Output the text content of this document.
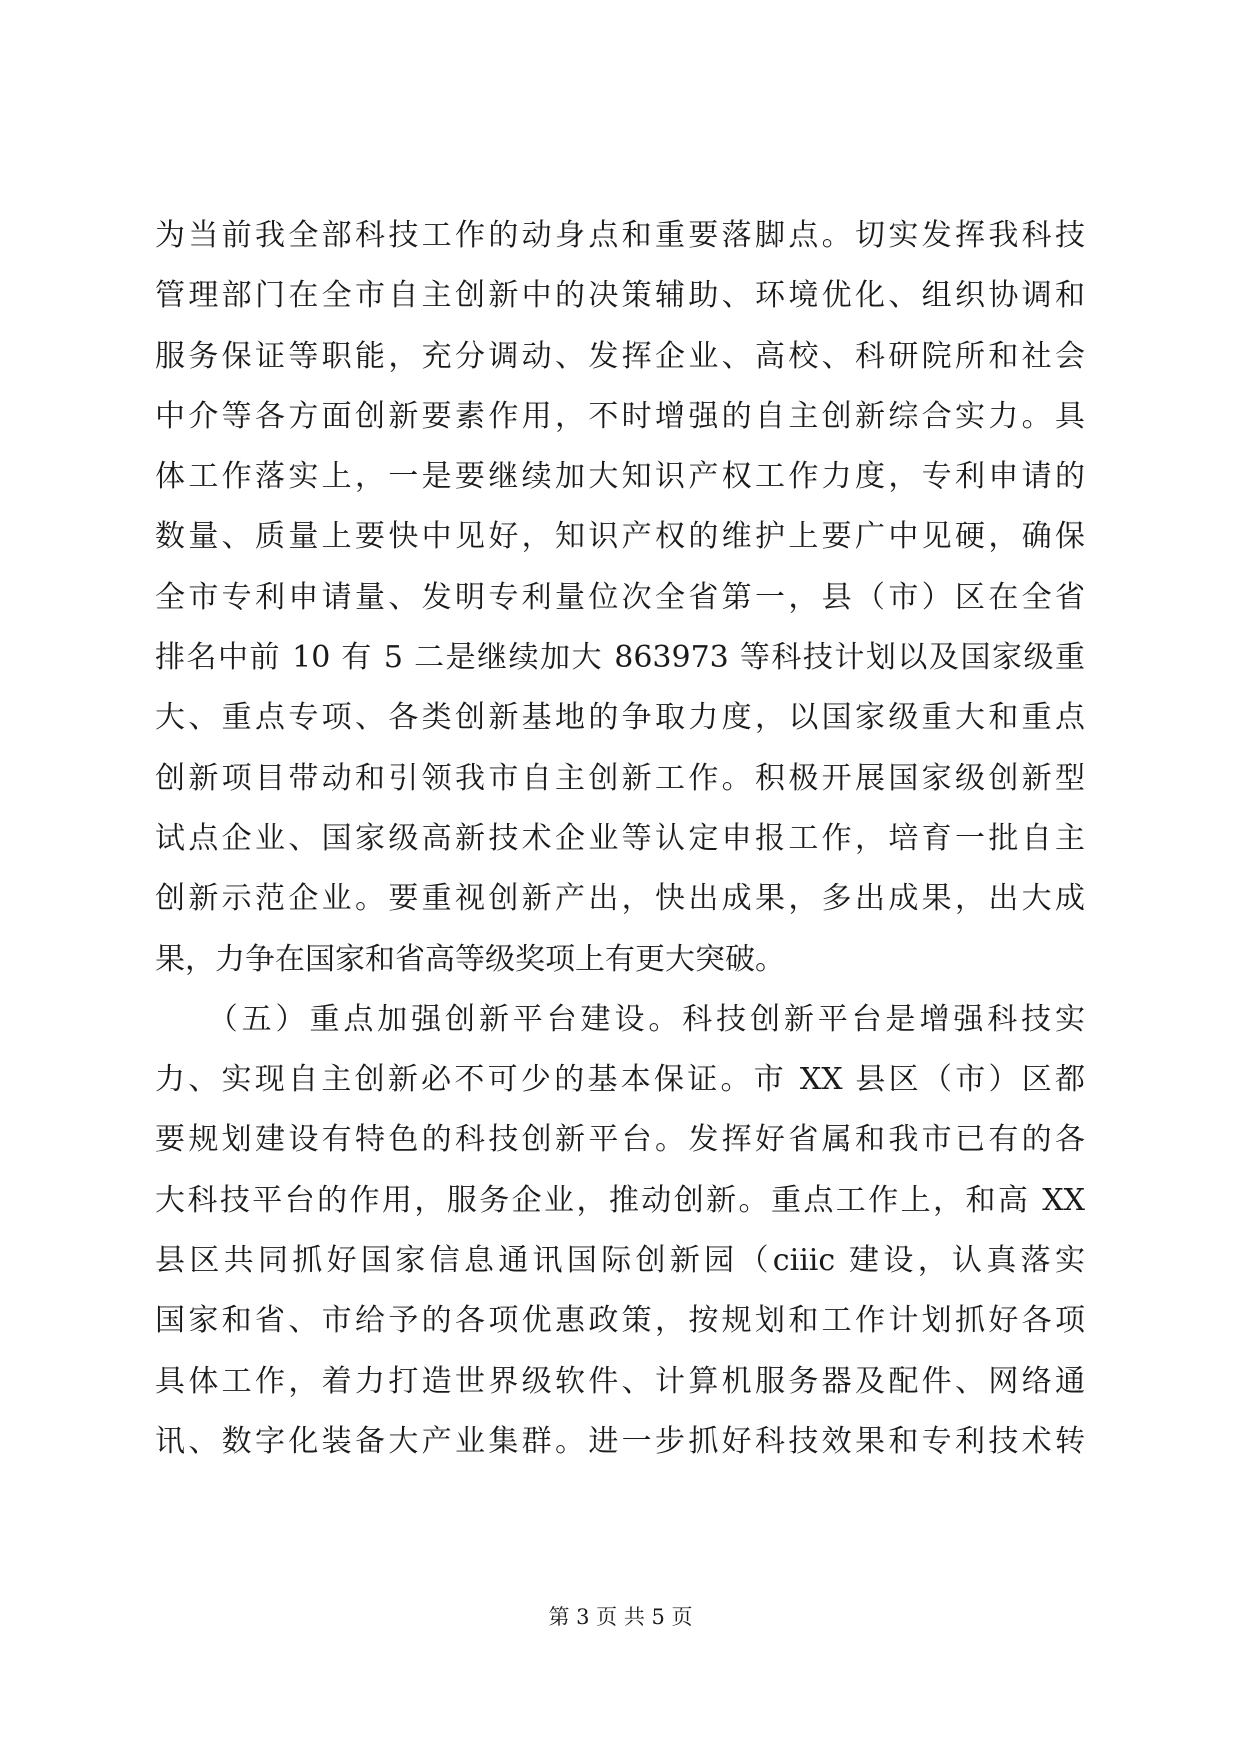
为当前我全部科技工作的动身点和重要落脚点。切实发挥我科技
管理部门在全市自主创新中的决策辅助、环境优化、组织协调和
服务保证等职能，充分调动、发挥企业、高校、科研院所和社会
中介等各方面创新要素作用，不时增强的自主创新综合实力。具
体工作落实上，一是要继续加大知识产权工作力度，专利申请的
数量、质量上要快中见好，知识产权的维护上要广中见硬，确保
全市专利申请量、发明专利量位次全省第一，县（市）区在全省
排名中前 10 有 5 二是继续加大 863973 等科技计划以及国家级重
大、重点专项、各类创新基地的争取力度，以国家级重大和重点
创新项目带动和引领我市自主创新工作。积极开展国家级创新型
试点企业、国家级高新技术企业等认定申报工作，培育一批自主
创新示范企业。要重视创新产出，快出成果，多出成果，出大成
果，力争在国家和省高等级奖项上有更大突破。
　　（五）重点加强创新平台建设。科技创新平台是增强科技实
力、实现自主创新必不可少的基本保证。市 XX 县区（市）区都
要规划建设有特色的科技创新平台。发挥好省属和我市已有的各
大科技平台的作用，服务企业，推动创新。重点工作上，和高 XX
县区共同抓好国家信息通讯国际创新园（ciiic 建设，认真落实
国家和省、市给予的各项优惠政策，按规划和工作计划抓好各项
具体工作，着力打造世界级软件、计算机服务器及配件、网络通
讯、数字化装备大产业集群。进一步抓好科技效果和专利技术转
第 3 页 共 5 页
